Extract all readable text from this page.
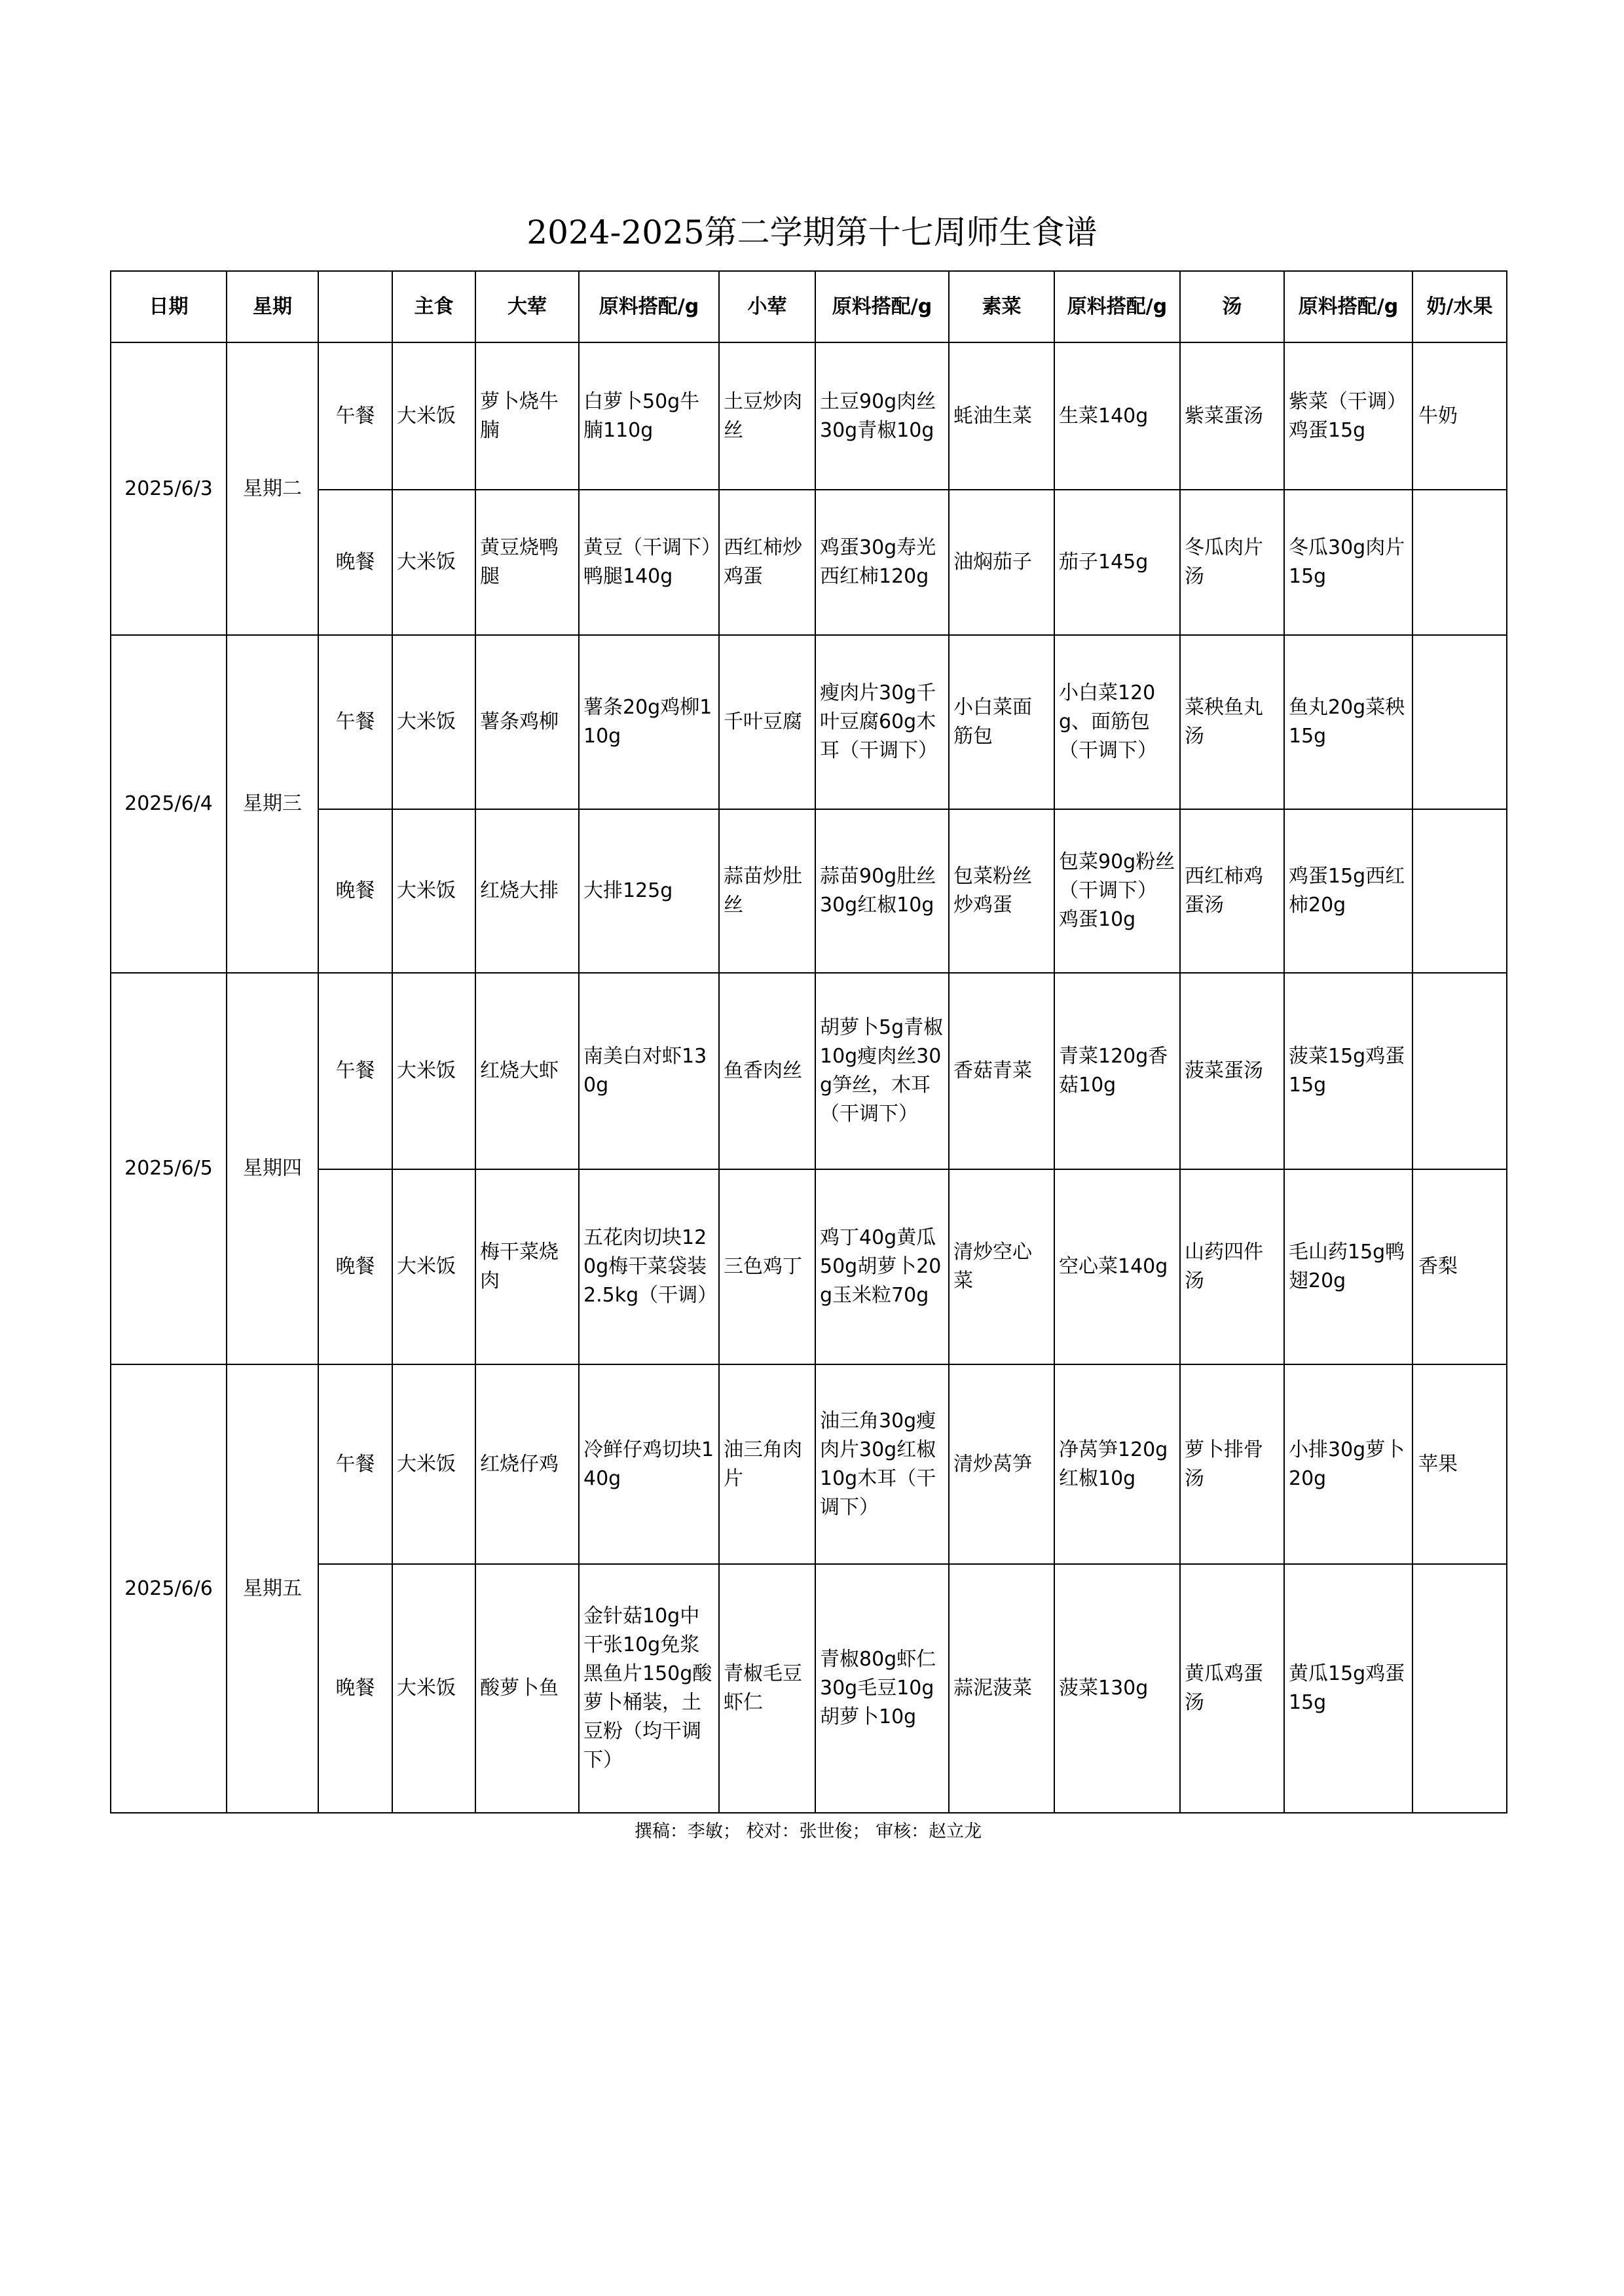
2024-2025第二学期第十七周师生食谱
日期	星期		主食	大荤	原料搭配/g	小荤	原料搭配/g	素菜	原料搭配/g	汤	原料搭配/g	奶/水果
2025/6/3	星期二	午餐	大米饭	萝卜烧牛腩	白萝卜50g牛腩110g	土豆炒肉丝	土豆90g肉丝30g青椒10g	蚝油生菜	生菜140g	紫菜蛋汤	紫菜（干调）鸡蛋15g	牛奶
		晚餐	大米饭	黄豆烧鸭腿	黄豆（干调下）鸭腿140g	西红柿炒鸡蛋	鸡蛋30g寿光西红柿120g	油焖茄子	茄子145g	冬瓜肉片汤	冬瓜30g肉片15g	
2025/6/4	星期三	午餐	大米饭	薯条鸡柳	薯条20g鸡柳110g	千叶豆腐	瘦肉片30g千叶豆腐60g木耳（干调下）	小白菜面筋包	小白菜120g、面筋包（干调下）	菜秧鱼丸汤	鱼丸20g菜秧15g	
		晚餐	大米饭	红烧大排	大排125g	蒜苗炒肚丝	蒜苗90g肚丝30g红椒10g	包菜粉丝炒鸡蛋	包菜90g粉丝（干调下）鸡蛋10g	西红柿鸡蛋汤	鸡蛋15g西红柿20g	
2025/6/5	星期四	午餐	大米饭	红烧大虾	南美白对虾130g	鱼香肉丝	胡萝卜5g青椒10g瘦肉丝30g笋丝，木耳（干调下）	香菇青菜	青菜120g香菇10g	菠菜蛋汤	菠菜15g鸡蛋15g	
		晚餐	大米饭	梅干菜烧肉	五花肉切块120g梅干菜袋装2.5kg（干调）	三色鸡丁	鸡丁40g黄瓜50g胡萝卜20g玉米粒70g	清炒空心菜	空心菜140g	山药四件汤	毛山药15g鸭翅20g	香梨
2025/6/6	星期五	午餐	大米饭	红烧仔鸡	冷鲜仔鸡切块140g	油三角肉片	油三角30g瘦肉片30g红椒10g木耳（干调下）	清炒莴笋	净莴笋120g红椒10g	萝卜排骨汤	小排30g萝卜20g	苹果
		晚餐	大米饭	酸萝卜鱼	金针菇10g中干张10g免浆黑鱼片150g酸萝卜桶装，土豆粉（均干调下）	青椒毛豆虾仁	青椒80g虾仁30g毛豆10g胡萝卜10g	蒜泥菠菜	菠菜130g	黄瓜鸡蛋汤	黄瓜15g鸡蛋15g	
撰稿：李敏； 校对：张世俊； 审核：赵立龙
